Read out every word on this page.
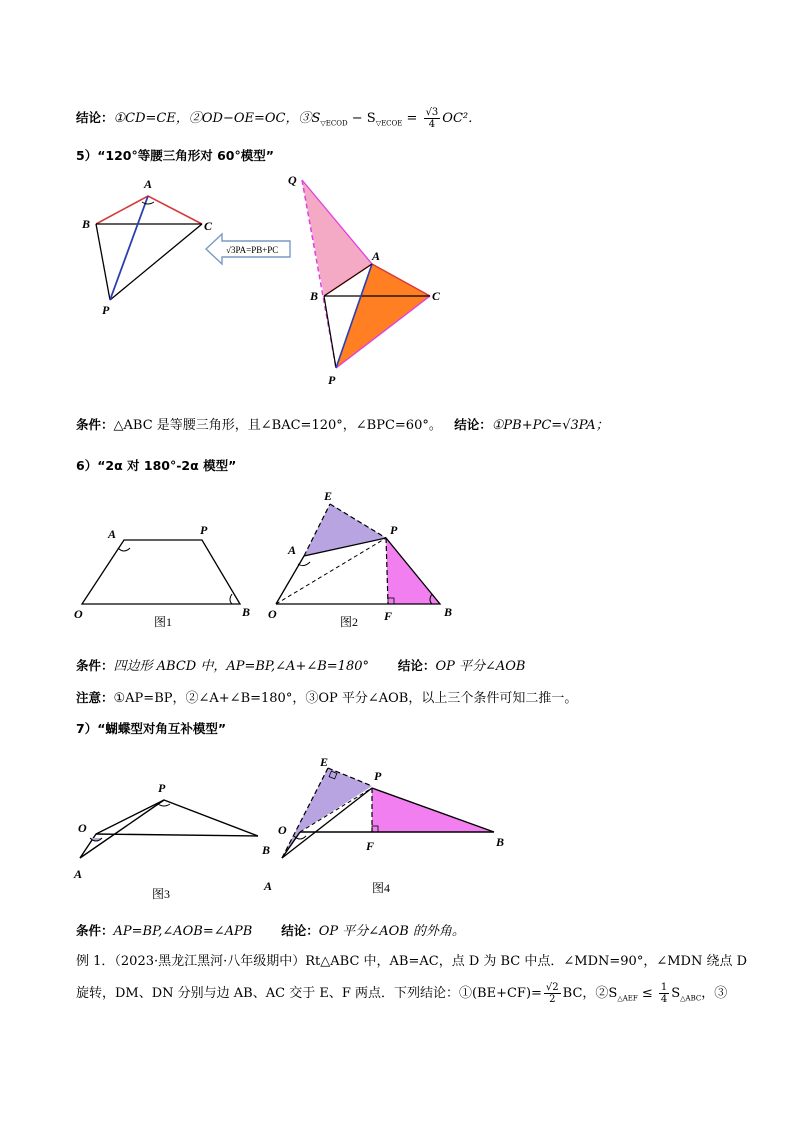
结论：①CD=CE，②OD−OE=OC，$③S_{▽ECOD} - S_{▽ECOE} = \frac{√3}{4} OC^2$．
5）“120°等腰三角形对 60°模型”
A
B	C
P
√3PA=PB+PC
Q
A
B	C
P
条件：△ABC 是等腰三角形，且∠BAC=120°，∠BPC=60°。 结论：①PB+PC=√3PA；
6）“2α 对 180°-2α 模型”
A	P
O	B
图1
E
P
A
O	F	B
图2
条件：四边形 ABCD 中，AP=BP,∠A+∠B=180° 结论：OP 平分∠AOB
注意：①AP=BP，②∠A+∠B=180°，③OP 平分∠AOB，以上三个条件可知二推一。
7）“蝴蝶型对角互补模型”
P
O
B
A
图3
E
P
O
F	B
A	图4
条件：AP=BP,∠AOB=∠APB 结论：OP 平分∠AOB 的外角。
例 1．（2023·黑龙江黑河·八年级期中）Rt△ABC 中，AB=AC，点 D 为 BC 中点．∠MDN=90°，∠MDN 绕点 D
旋转，DM、DN 分别与边 AB、AC 交于 E、F 两点．下列结论：①(BE+CF)= $\frac{√2}{2}$ BC，$②S_{\triangle AEF} \le \frac{1}{4} S_{\triangle ABC}$，③
